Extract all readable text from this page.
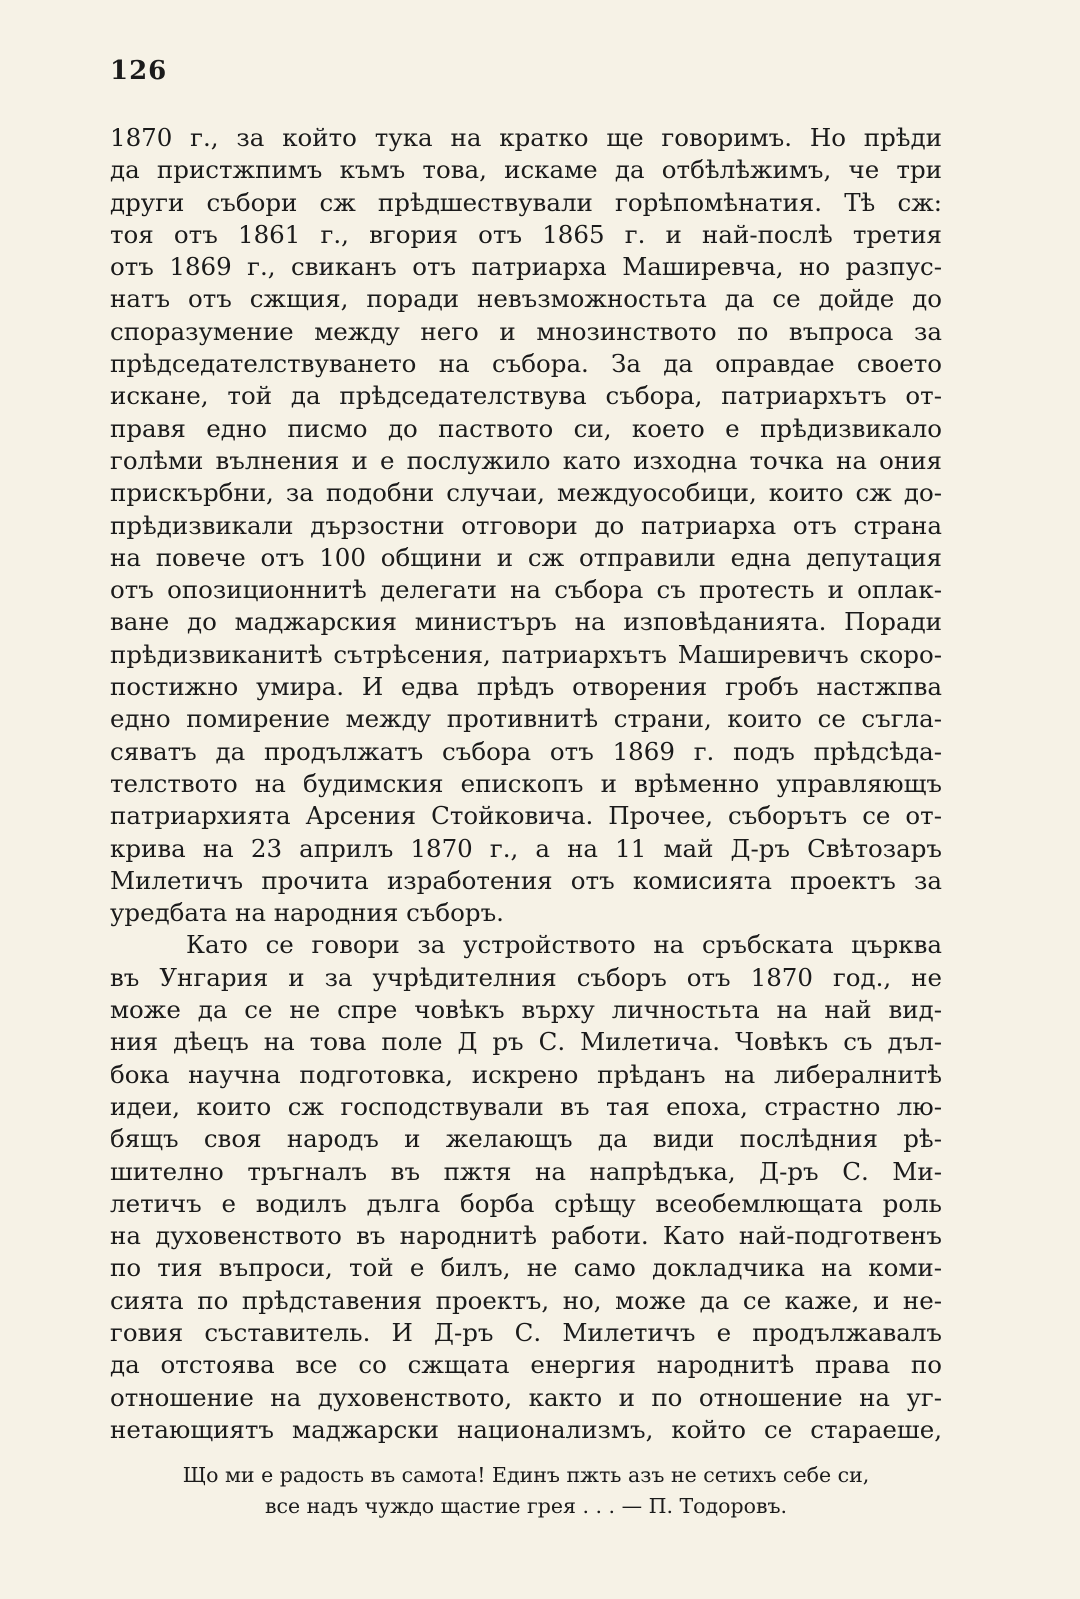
126
1870 г., за който тука на кратко ще говоримъ. Но прѣди
да пристжпимъ къмъ това, искаме да отбѣлѣжимъ, че три
други събори сж прѣдшествували горѣпомѣнатия. Тѣ сж:
тоя отъ 1861 г., вгория отъ 1865 г. и най-послѣ третия
отъ 1869 г., свиканъ отъ патриарха Маширевча, но разпус-
натъ отъ сжщия, поради невъзможностьта да се дойде до
споразумение между него и мнозинството по въпроса за
прѣдседателствуването на събора. За да оправдае своето
искане, той да прѣдседателствува събора, патриархътъ от-
правя едно писмо до паството си, което е прѣдизвикало
голѣми вълнения и е послужило като изходна точка на ония
прискърбни, за подобни случаи, междуособици, които сж до-
прѣдизвикали дързостни отговори до патриарха отъ страна
на повече отъ 100 общини и сж отправили една депутация
отъ опозиционнитѣ делегати на събора съ протесть и оплак-
ване до маджарския министъръ на изповѣданията. Поради
прѣдизвиканитѣ сътрѣсения, патриархътъ Маширевичъ скоро-
постижно умира. И едва прѣдъ отворения гробъ настжпва
едно помирение между противнитѣ страни, които се съгла-
сяватъ да продължатъ събора отъ 1869 г. подъ прѣдсѣда-
телството на будимския епископъ и врѣменно управляющъ
патриархията Арсения Стойковича. Прочее, съборътъ се от-
крива на 23 априлъ 1870 г., а на 11 май Д-ръ Свѣтозаръ
Милетичъ прочита изработения отъ комисията проектъ за
уредбата на народния съборъ.
Като се говори за устройството на сръбската църква
въ Унгария и за учрѣдителния съборъ отъ 1870 год., не
може да се не спре човѣкъ върху личностьта на най вид-
ния дѣецъ на това поле Д ръ С. Милетича. Човѣкъ съ дъл-
бока научна подготовка, искрено прѣданъ на либералнитѣ
идеи, които сж господствували въ тая епоха, страстно лю-
бящъ своя народъ и желающъ да види послѣдния рѣ-
шително тръгналъ въ пжтя на напрѣдъка, Д-ръ С. Ми-
летичъ е водилъ дълга борба срѣщу всеобемлющата роль
на духовенството въ народнитѣ работи. Като най-подготвенъ
по тия въпроси, той е билъ, не само докладчика на коми-
сията по прѣдставения проектъ, но, може да се каже, и не-
говия съставитель. И Д-ръ С. Милетичъ е продължавалъ
да отстоява все со сжщата енергия народнитѣ права по
отношение на духовенството, както и по отношение на уг-
нетающиятъ маджарски национализмъ, който се стараеше,
Що ми е радость въ самота! Единъ пжть азъ не сетихъ себе си,
все надъ чуждо щастие грея . . . — П. Тодоровъ.
